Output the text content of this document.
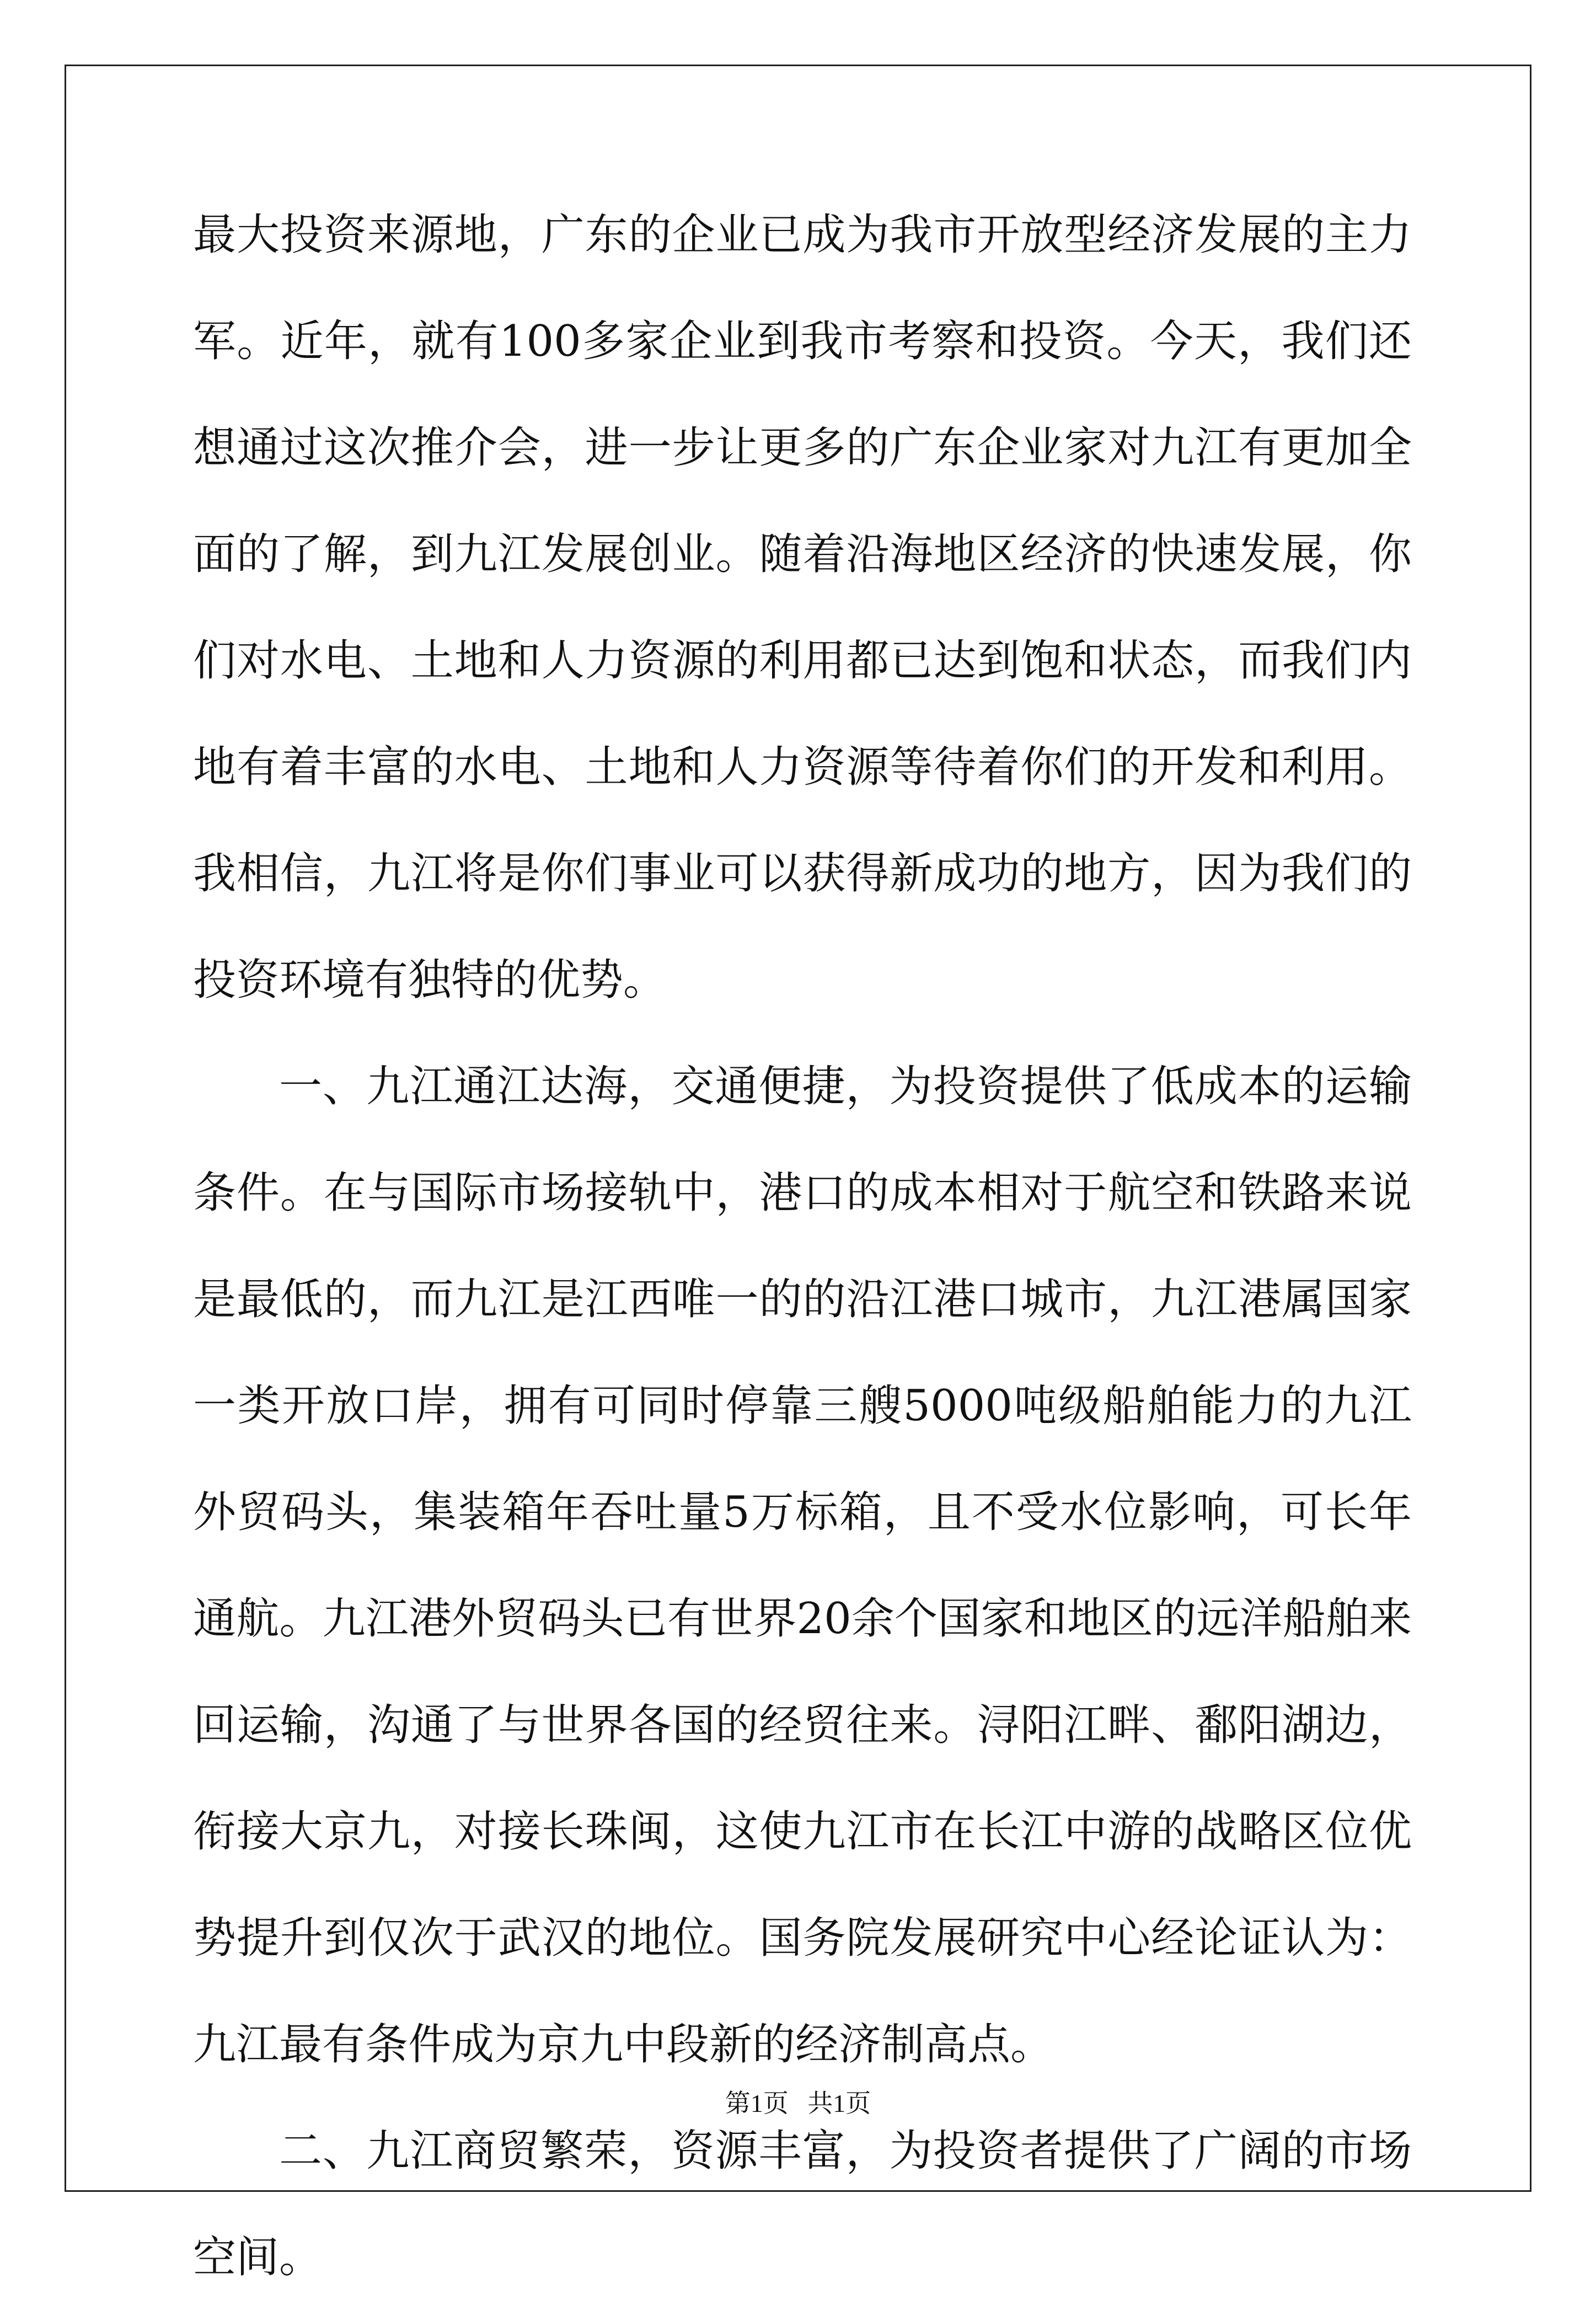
最大投资来源地，广东的企业已成为我市开放型经济发展的主力军。近年，就有100多家企业到我市考察和投资。今天，我们还想通过这次推介会，进一步让更多的广东企业家对九江有更加全面的了解，到九江发展创业。随着沿海地区经济的快速发展，你们对水电、土地和人力资源的利用都已达到饱和状态，而我们内地有着丰富的水电、土地和人力资源等待着你们的开发和利用。我相信，九江将是你们事业可以获得新成功的地方，因为我们的投资环境有独特的优势。

一、九江通江达海，交通便捷，为投资提供了低成本的运输条件。在与国际市场接轨中，港口的成本相对于航空和铁路来说是最低的，而九江是江西唯一的的沿江港口城市，九江港属国家一类开放口岸，拥有可同时停靠三艘5000吨级船舶能力的九江外贸码头，集装箱年吞吐量5万标箱，且不受水位影响，可长年通航。九江港外贸码头已有世界20余个国家和地区的远洋船舶来回运输，沟通了与世界各国的经贸往来。浔阳江畔、鄱阳湖边，衔接大京九，对接长珠闽，这使九江市在长江中游的战略区位优势提升到仅次于武汉的地位。国务院发展研究中心经论证认为：九江最有条件成为京九中段新的经济制高点。

二、九江商贸繁荣，资源丰富，为投资者提供了广阔的市场空间。

第1页   共1页
